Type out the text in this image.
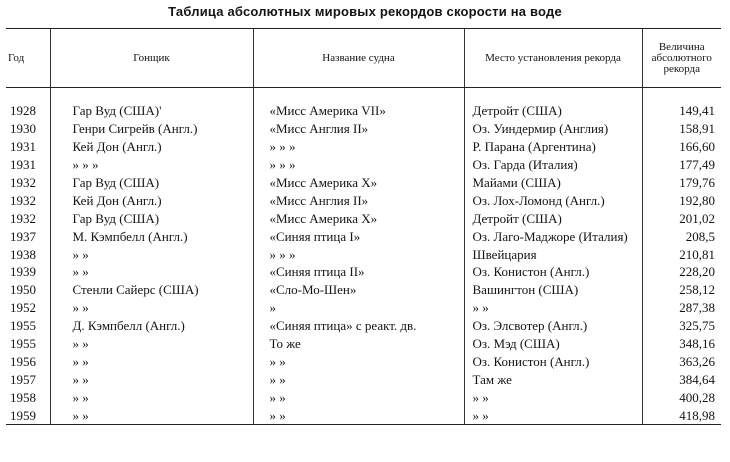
Таблица абсолютных мировых рекордов скорости на воде
Год	Гонщик	Название судна	Место установления рекорда	Величина абсолютного рекорда
1928	Гар Вуд (США)'	«Мисс Америка VII»	Детройт (США)	149,41
1930	Генри Сигрейв (Англ.)	«Мисс Англия II»	Оз. Уиндермир (Англия)	158,91
1931	Кей Дон (Англ.)	» » »	Р. Парана (Аргентина)	166,60
1931	» » »	» » »	Оз. Гарда (Италия)	177,49
1932	Гар Вуд (США)	«Мисс Америка Х»	Майами (США)	179,76
1932	Кей Дон (Англ.)	«Мисс Англия II»	Оз. Лох-Ломонд (Англ.)	192,80
1932	Гар Вуд (США)	«Мисс Америка Х»	Детройт (США)	201,02
1937	М. Кэмпбелл (Англ.)	«Синяя птица I»	Оз. Лаго-Маджоре (Италия)	208,5
1938	» »	» » »	Швейцария	210,81
1939	» »	«Синяя птица II»	Оз. Конистон (Англ.)	228,20
1950	Стенли Сайерс (США)	«Сло-Мо-Шен»	Вашингтон (США)	258,12
1952	» »	»	» »	287,38
1955	Д. Кэмпбелл (Англ.)	«Синяя птица» с реакт. дв.	Оз. Элсвотер (Англ.)	325,75
1955	» »	То же	Оз. Мэд (США)	348,16
1956	» »	» »	Оз. Конистон (Англ.)	363,26
1957	» »	» »	Там же	384,64
1958	» »	» »	» »	400,28
1959	» »	» »	» »	418,98
